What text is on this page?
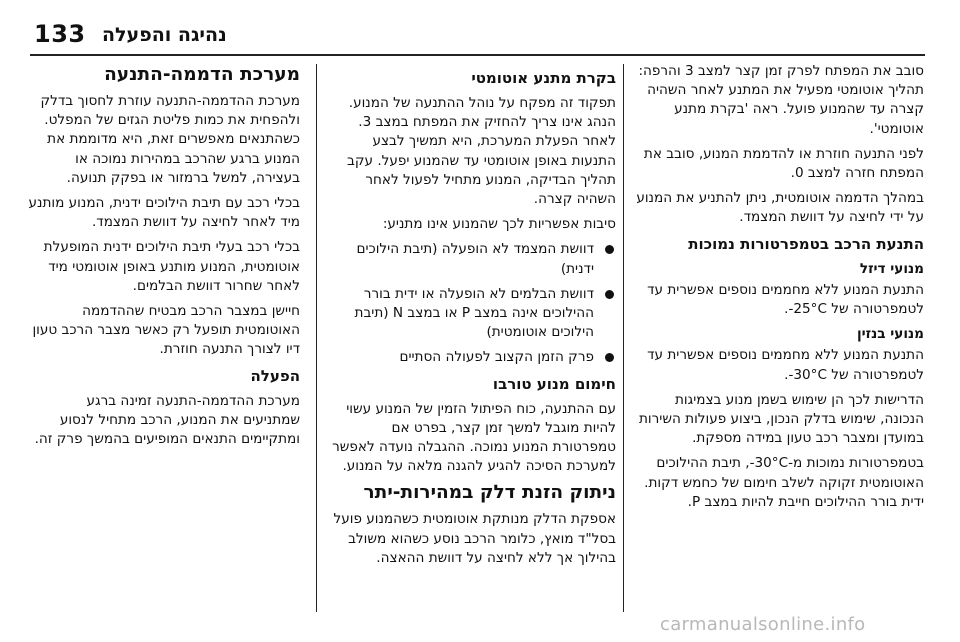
133 נהיגה והפעלה

סובב את המפתח לפרק זמן קצר למצב 3 והרפה: תהליך אוטומטי מפעיל את המתנע לאחר השהיה קצרה עד שהמנוע פועל. ראה 'בקרת מתנע אוטומטי'.

לפני התנעה חוזרת או להדממת המנוע, סובב את המפתח חזרה למצב 0.

במהלך הדממה אוטומטית, ניתן להתניע את המנוע על ידי לחיצה על דוושת המצמד.

התנעת הרכב בטמפרטורות נמוכות
מנועי דיזל

התנעת המנוע ללא מחממים נוספים אפשרית עד לטמפרטורה של ‎-25°C.

מנועי בנזין

התנעת המנוע ללא מחממים נוספים אפשרית עד לטמפרטורה של ‎-30°C.

הדרישות לכך הן שימוש בשמן מנוע בצמיגות הנכונה, שימוש בדלק הנכון, ביצוע פעולות השירות במועדן ומצבר רכב טעון במידה מספקת.

בטמפרטורות נמוכות מ-‎-30°C, תיבת ההילוכים האוטומטית זקוקה לשלב חימום של כחמש דקות. ידית בורר ההילוכים חייבת להיות במצב P.

בקרת מתנע אוטומטי

תפקוד זה מפקח על נוהל ההתנעה של המנוע. הנהג אינו צריך להחזיק את המפתח במצב 3. לאחר הפעלת המערכת, היא תמשיך לבצע התנעות באופן אוטומטי עד שהמנוע יפעל. עקב תהליך הבדיקה, המנוע מתחיל לפעול לאחר השהיה קצרה.

סיבות אפשריות לכך שהמנוע אינו מתניע:

דוושת המצמד לא הופעלה (תיבת הילוכים ידנית)
דוושת הבלמים לא הופעלה או ידית בורר ההילוכים אינה במצב P או במצב N (תיבת הילוכים אוטומטית)
פרק הזמן הקצוב לפעולה הסתיים
חימום מנוע טורבו

עם ההתנעה, כוח הפיתול הזמין של המנוע עשוי להיות מוגבל למשך זמן קצר, בפרט אם טמפרטורת המנוע נמוכה. ההגבלה נועדה לאפשר למערכת הסיכה להגיע להגנה מלאה על המנוע.

ניתוק הזנת דלק במהירות-יתר

אספקת הדלק מנותקת אוטומטית כשהמנוע פועל בסל"ד מואץ, כלומר הרכב נוסע כשהוא משולב בהילוך אך ללא לחיצה על דוושת ההאצה.

מערכת הדממה-התנעה

מערכת ההדממה-התנעה עוזרת לחסוך בדלק ולהפחית את כמות פליטת הגזים של המפלט. כשהתנאים מאפשרים זאת, היא מדוממת את המנוע ברגע שהרכב במהירות נמוכה או בעצירה, למשל ברמזור או בפקק תנועה.

בכלי רכב עם תיבת הילוכים ידנית, המנוע מותנע מיד לאחר לחיצה על דוושת המצמד.

בכלי רכב בעלי תיבת הילוכים ידנית המופעלת אוטומטית, המנוע מותנע באופן אוטומטי מיד לאחר שחרור דוושת הבלמים.

חיישן במצבר הרכב מבטיח שההדממה האוטומטית תופעל רק כאשר מצבר הרכב טעון דיו לצורך התנעה חוזרת.

הפעלה

מערכת ההדממה-התנעה זמינה ברגע שמתניעים את המנוע, הרכב מתחיל לנסוע ומתקיימים התנאים המופיעים בהמשך פרק זה.

carmanualsonline.info
